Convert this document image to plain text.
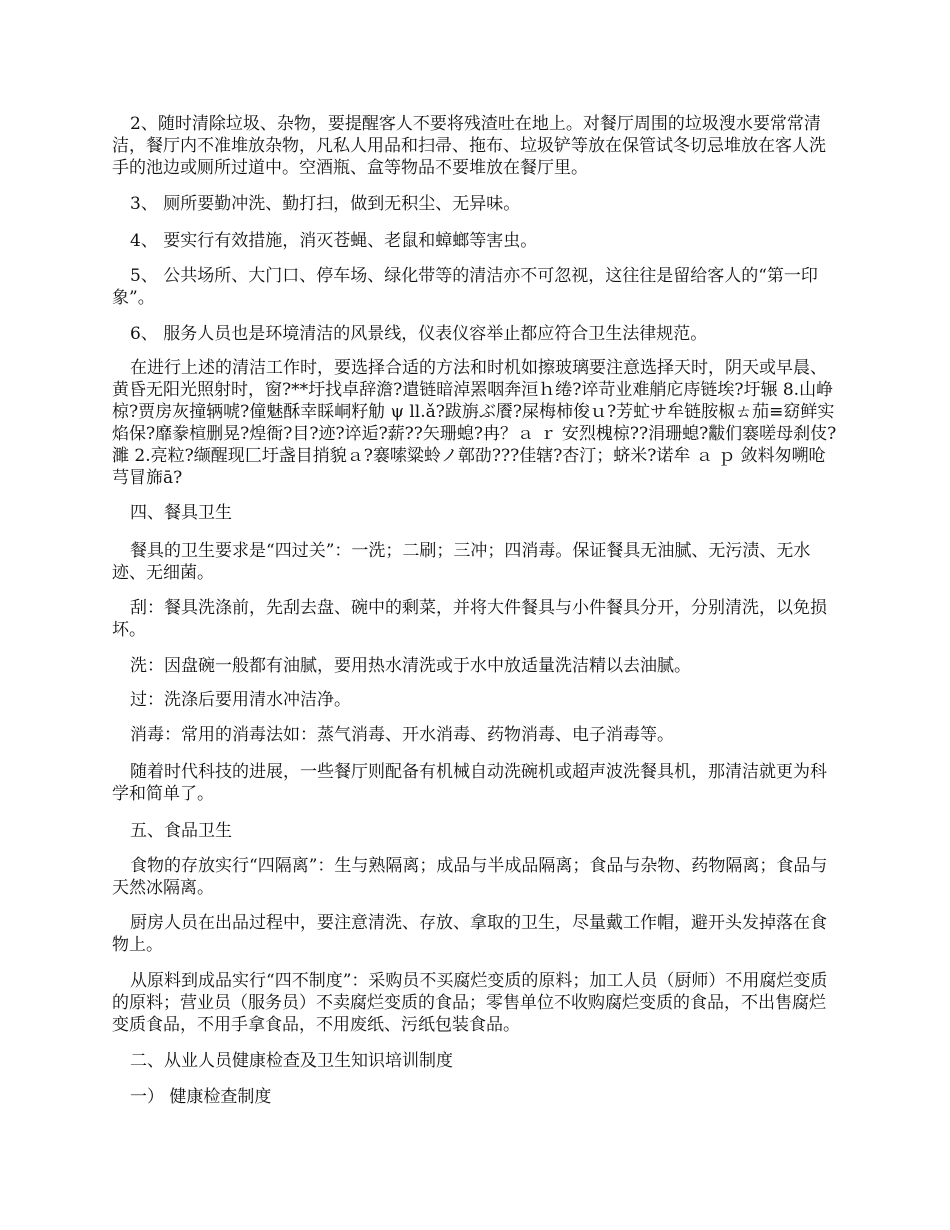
2、随时清除垃圾、杂物，要提醒客人不要将残渣吐在地上。对餐厅周围的垃圾溲水要常常清洁，餐厅内不准堆放杂物，凡私人用品和扫帚、拖布、垃圾铲等放在保管试冬切忌堆放在客人洗手的池边或厕所过道中。空酒瓶、盒等物品不要堆放在餐厅里。

3、 厕所要勤冲洗、勤打扫，做到无积尘、无异味。

4、 要实行有效措施，消灭苍蝇、老鼠和蟑螂等害虫。

5、 公共场所、大门口、停车场、绿化带等的清洁亦不可忽视，这往往是留给客人的“第一印象”。

6、 服务人员也是环境清洁的风景线，仪表仪容举止都应符合卫生法律规范。

在进行上述的清洁工作时，要选择合适的方法和时机如擦玻璃要注意选择天时，阴天或早晨、黄昏无阳光照射时，窗?**圩找卓辞澹?遣链暗淖罴咽奔洹ｈ绻?谇苛业难艄庀庤链埃?圩辗 8.山峥椋?贾房灰撞辆唬?僮魅酥幸睬峒籽觔 ψ ll.ǎ?跋旃ぶ餍?屎梅柿俊ｕ?芳虻サ牟链胺椒ㄊ茄≡窈鲜实焰保?靡豢楦删晃?煌衙?目?迹?谇逅?薪??矢珊螅?冉？ａ ｒ 安烈槐椋??涓珊螅?黻们褰嗟母刹伎?濉 2.亮粒?缬醒现匚圩盏目捎貌ａ?褰嗦粱蛉ノ鄣劭???佳辖?杏汀；蛴米?诺牟 ａ ｐ 敛料匆嗍呛芎冒旆ā?

四、餐具卫生

餐具的卫生要求是“四过关”：一洗；二刷；三冲；四消毒。保证餐具无油腻、无污渍、无水迹、无细菌。

刮：餐具洗涤前，先刮去盘、碗中的剩菜，并将大件餐具与小件餐具分开，分别清洗，以免损坏。

洗：因盘碗一般都有油腻，要用热水清洗或于水中放适量洗洁精以去油腻。

过：洗涤后要用清水冲洁净。

消毒：常用的消毒法如：蒸气消毒、开水消毒、药物消毒、电子消毒等。

随着时代科技的进展，一些餐厅则配备有机械自动洗碗机或超声波洗餐具机，那清洁就更为科学和简单了。

五、食品卫生

食物的存放实行“四隔离”：生与熟隔离；成品与半成品隔离；食品与杂物、药物隔离；食品与天然冰隔离。

厨房人员在出品过程中，要注意清洗、存放、拿取的卫生，尽量戴工作帽，避开头发掉落在食物上。

从原料到成品实行“四不制度”：采购员不买腐烂变质的原料；加工人员（厨师）不用腐烂变质的原料；营业员（服务员）不卖腐烂变质的食品；零售单位不收购腐烂变质的食品，不出售腐烂变质食品，不用手拿食品，不用废纸、污纸包装食品。

二、从业人员健康检查及卫生知识培训制度

一） 健康检查制度
